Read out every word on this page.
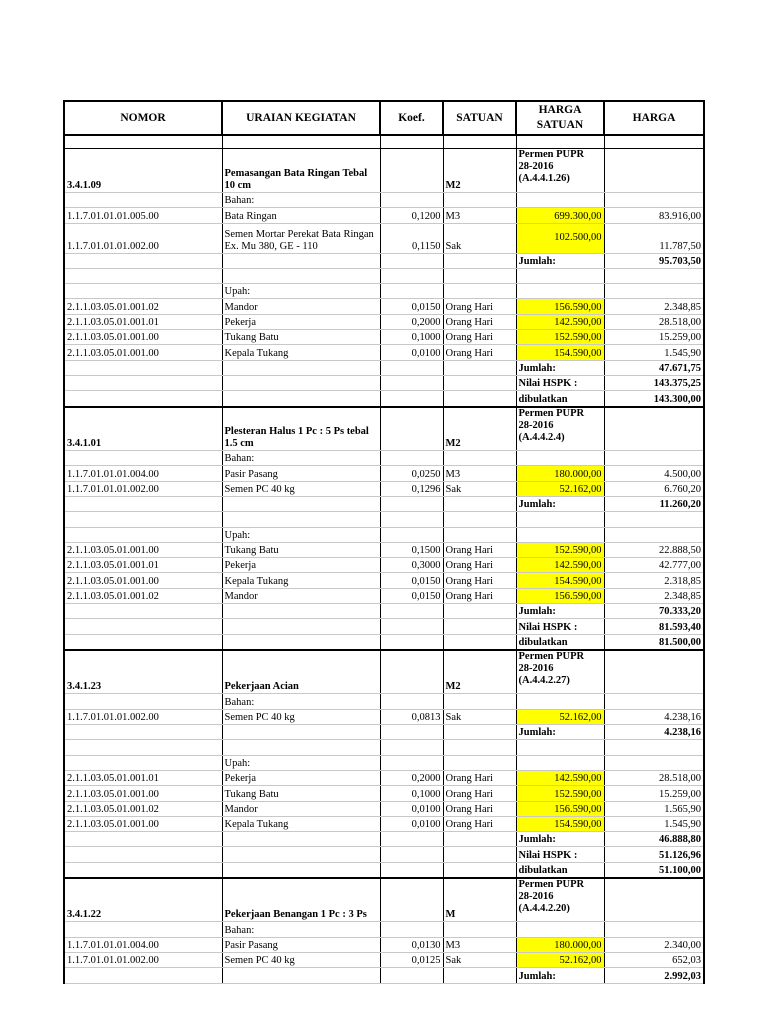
NOMOR	URAIAN KEGIATAN	Koef.	SATUAN	HARGA SATUAN	HARGA

3.4.1.09	Pemasangan Bata Ringan Tebal 10 cm		M2	Permen PUPR
28-2016
(A.4.4.1.26)	

	Bahan:				
1.1.7.01.01.01.005.00	Bata Ringan	0,1200	M3	699.300,00	83.916,00
1.1.7.01.01.01.002.00	Semen Mortar Perekat Bata Ringan Ex. Mu 380, GE - 110	0,1150	Sak	102.500,00	11.787,50
				Jumlah:	95.703,50

	Upah:				
2.1.1.03.05.01.001.02	Mandor	0,0150	Orang Hari	156.590,00	2.348,85
2.1.1.03.05.01.001.01	Pekerja	0,2000	Orang Hari	142.590,00	28.518,00
2.1.1.03.05.01.001.00	Tukang Batu	0,1000	Orang Hari	152.590,00	15.259,00
2.1.1.03.05.01.001.00	Kepala Tukang	0,0100	Orang Hari	154.590,00	1.545,90
				Jumlah:	47.671,75
				Nilai HSPK :	143.375,25
				dibulatkan	143.300,00
3.4.1.01	Plesteran Halus 1 Pc : 5 Ps tebal 1.5 cm		M2	Permen PUPR
28-2016
(A.4.4.2.4)	

	Bahan:				
1.1.7.01.01.01.004.00	Pasir Pasang	0,0250	M3	180.000,00	4.500,00
1.1.7.01.01.01.002.00	Semen PC 40 kg	0,1296	Sak	52.162,00	6.760,20
				Jumlah:	11.260,20

	Upah:				
2.1.1.03.05.01.001.00	Tukang Batu	0,1500	Orang Hari	152.590,00	22.888,50
2.1.1.03.05.01.001.01	Pekerja	0,3000	Orang Hari	142.590,00	42.777,00
2.1.1.03.05.01.001.00	Kepala Tukang	0,0150	Orang Hari	154.590,00	2.318,85
2.1.1.03.05.01.001.02	Mandor	0,0150	Orang Hari	156.590,00	2.348,85
				Jumlah:	70.333,20
				Nilai HSPK :	81.593,40
				dibulatkan	81.500,00
3.4.1.23	Pekerjaan Acian		M2	Permen PUPR
28-2016
(A.4.4.2.27)	

	Bahan:				
1.1.7.01.01.01.002.00	Semen PC 40 kg	0,0813	Sak	52.162,00	4.238,16
				Jumlah:	4.238,16

	Upah:				
2.1.1.03.05.01.001.01	Pekerja	0,2000	Orang Hari	142.590,00	28.518,00
2.1.1.03.05.01.001.00	Tukang Batu	0,1000	Orang Hari	152.590,00	15.259,00
2.1.1.03.05.01.001.02	Mandor	0,0100	Orang Hari	156.590,00	1.565,90
2.1.1.03.05.01.001.00	Kepala Tukang	0,0100	Orang Hari	154.590,00	1.545,90
				Jumlah:	46.888,80
				Nilai HSPK :	51.126,96
				dibulatkan	51.100,00
3.4.1.22	Pekerjaan Benangan 1 Pc : 3 Ps		M	Permen PUPR
28-2016
(A.4.4.2.20)	

	Bahan:				
1.1.7.01.01.01.004.00	Pasir Pasang	0,0130	M3	180.000,00	2.340,00
1.1.7.01.01.01.002.00	Semen PC 40 kg	0,0125	Sak	52.162,00	652,03
				Jumlah:	2.992,03
